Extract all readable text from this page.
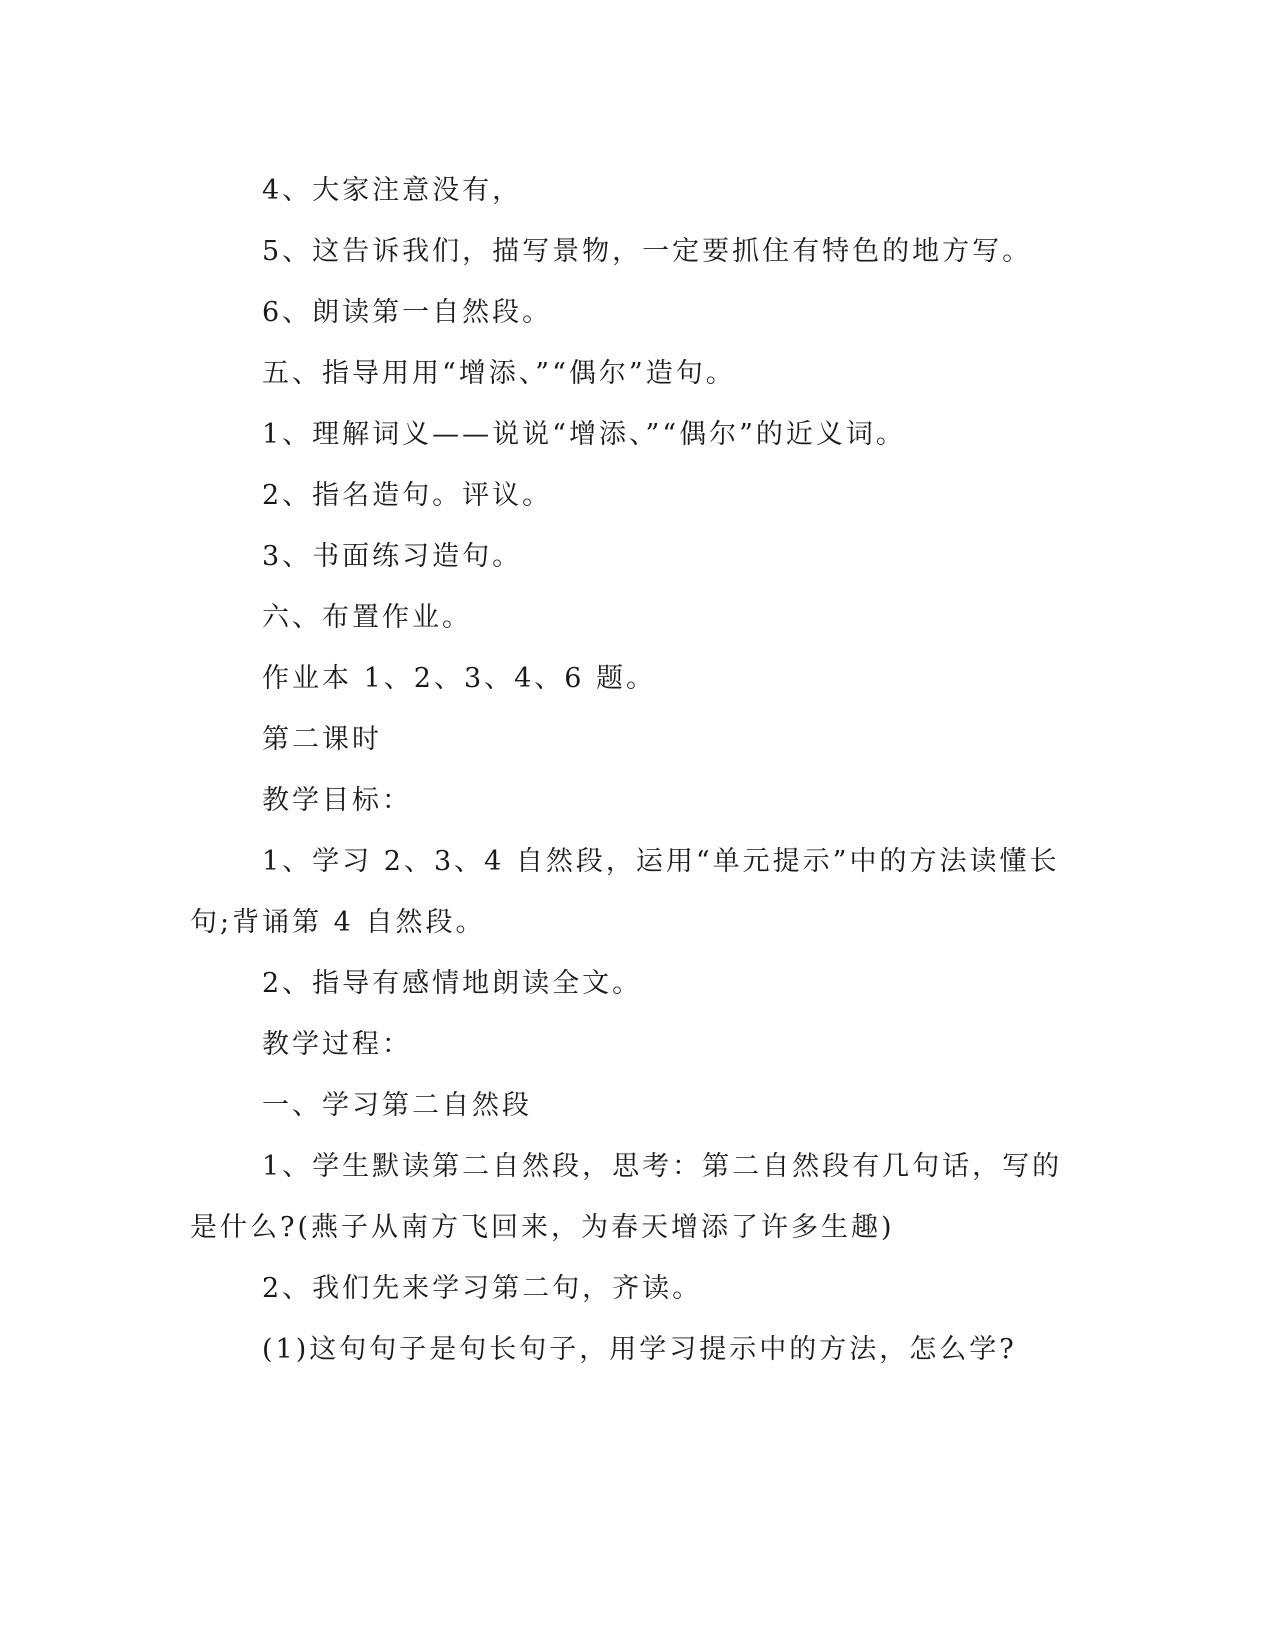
4、大家注意没有，

5、这告诉我们，描写景物，一定要抓住有特色的地方写。

6、朗读第一自然段。

五、指导用用“增添、”“偶尔”造句。

1、理解词义——说说“增添、”“偶尔”的近义词。

2、指名造句。评议。

3、书面练习造句。

六、布置作业。

作业本 1、2、3、4、6 题。

第二课时

教学目标：

1、学习 2、3、4 自然段，运用“单元提示”中的方法读懂长句;背诵第 4 自然段。

2、指导有感情地朗读全文。

教学过程：

一、学习第二自然段

1、学生默读第二自然段，思考：第二自然段有几句话，写的是什么?(燕子从南方飞回来，为春天增添了许多生趣)

2、我们先来学习第二句，齐读。

(1)这句句子是句长句子，用学习提示中的方法，怎么学?
